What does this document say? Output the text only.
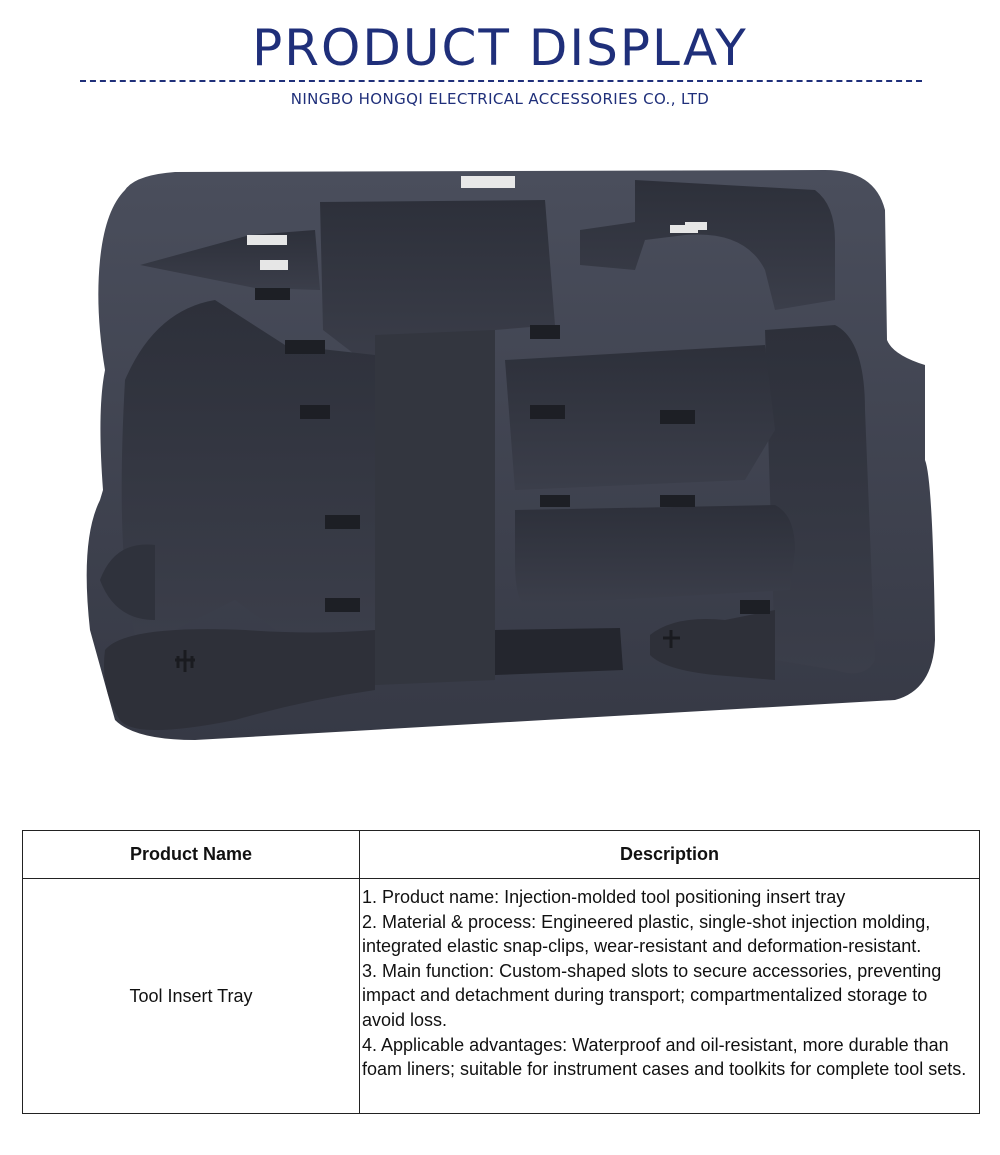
PRODUCT DISPLAY
NINGBO HONGQI ELECTRICAL ACCESSORIES CO., LTD
Product Name	Description
Tool Insert Tray	1. Product name: Injection-molded tool positioning insert tray
2. Material & process: Engineered plastic, single-shot injection molding, integrated elastic snap-clips, wear-resistant and deformation-resistant.
3. Main function: Custom-shaped slots to secure accessories, preventing impact and detachment during transport; compartmentalized storage to avoid loss.
4. Applicable advantages: Waterproof and oil-resistant, more durable than foam liners; suitable for instrument cases and toolkits for complete tool sets.
